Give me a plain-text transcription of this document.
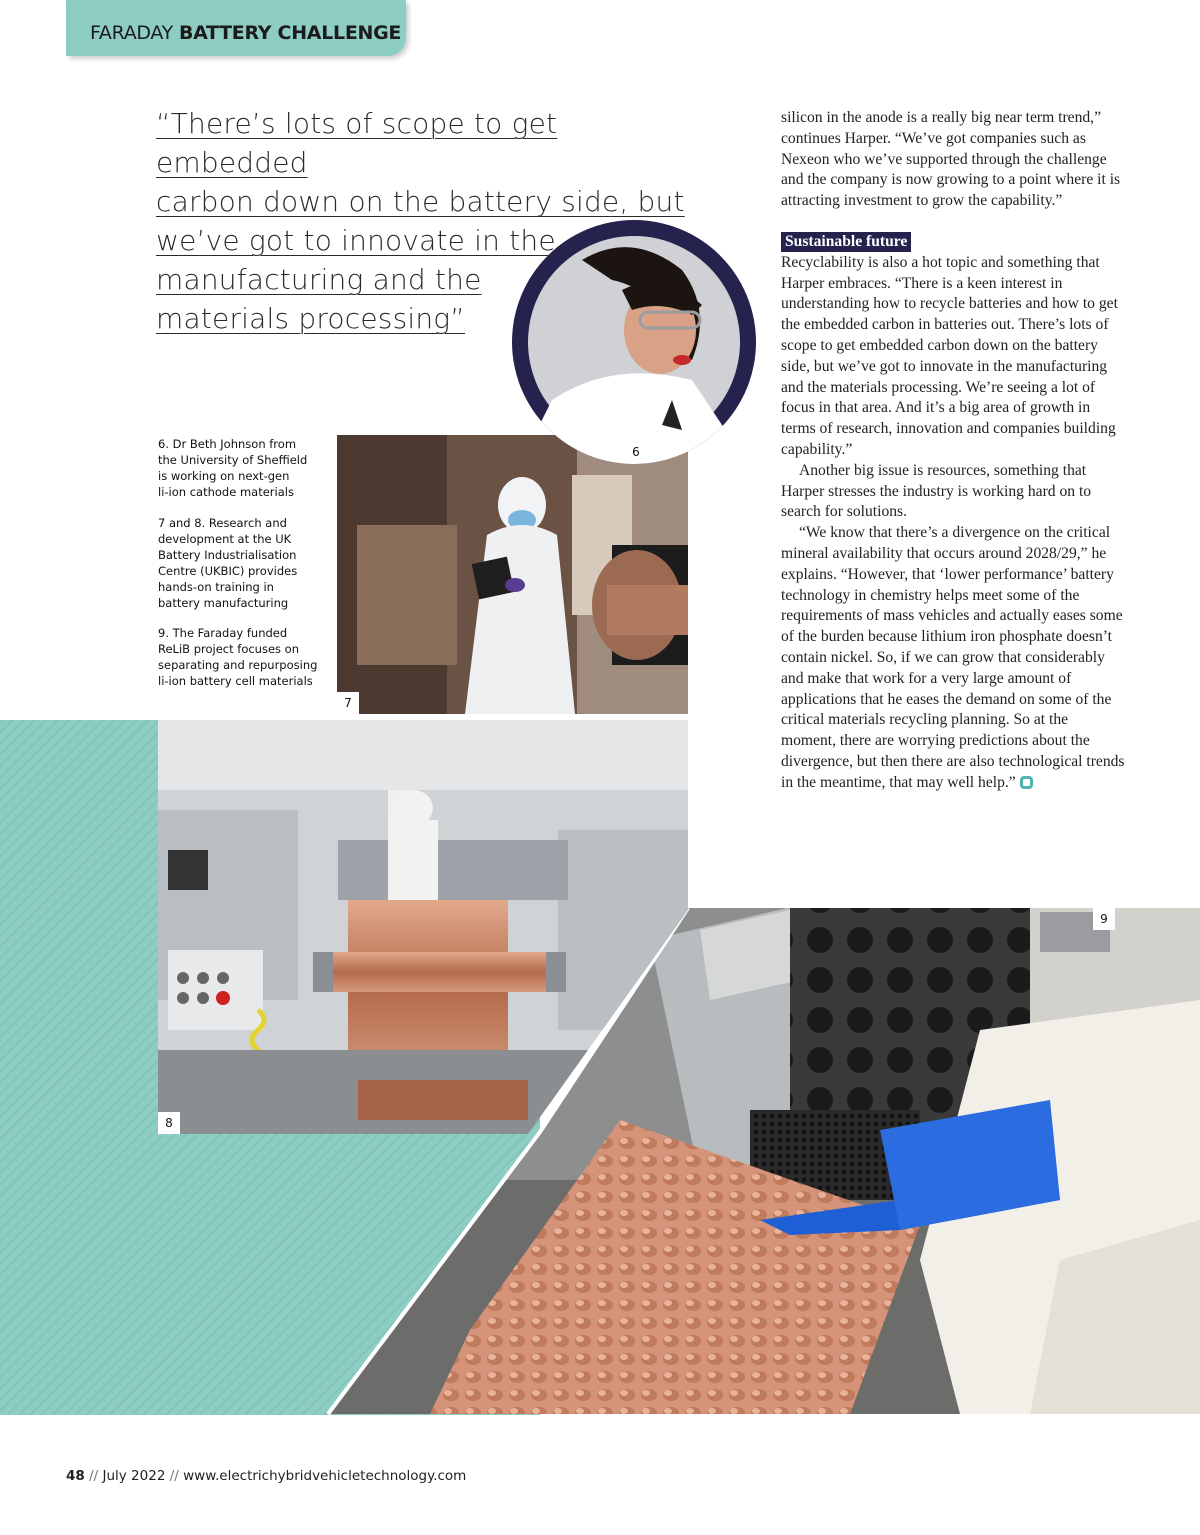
FARADAY BATTERY CHALLENGE
9
8
7
6
“There’s lots of scope to get embedded
carbon down on the battery side, but
we’ve got to innovate in the
manufacturing and the
materials processing”
6. Dr Beth Johnson from
the University of Sheffield
is working on next-gen
li-ion cathode materials
7 and 8. Research and
development at the UK
Battery Industrialisation
Centre (UKBIC) provides
hands-on training in
battery manufacturing
9. The Faraday funded
ReLiB project focuses on
separating and repurposing
li-ion battery cell materials

silicon in the anode is a really big near term trend,” continues Harper. “We’ve got companies such as Nexeon who we’ve supported through the challenge and the company is now growing to a point where it is attracting investment to grow the capability.”

Sustainable future

Recyclability is also a hot topic and something that Harper embraces. “There is a keen interest in understanding how to recycle batteries and how to get the embedded carbon in batteries out. There’s lots of scope to get embedded carbon down on the battery side, but we’ve got to innovate in the manufacturing and the materials processing. We’re seeing a lot of focus in that area. And it’s a big area of growth in terms of research, innovation and companies building capability.”

Another big issue is resources, something that Harper stresses the industry is working hard on to search for solutions.

“We know that there’s a divergence on the critical mineral availability that occurs around 2028/29,” he explains. “However, that ‘lower performance’ battery technology in chemistry helps meet some of the requirements of mass vehicles and actually eases some of the burden because lithium iron phosphate doesn’t contain nickel. So, if we can grow that considerably and make that work for a very large amount of applications that he eases the demand on some of the critical materials recycling planning. So at the moment, there are worrying predictions about the divergence, but then there are also technological trends in the meantime, that may well help.”

48 // July 2022 // www.electrichybridvehicletechnology.com
